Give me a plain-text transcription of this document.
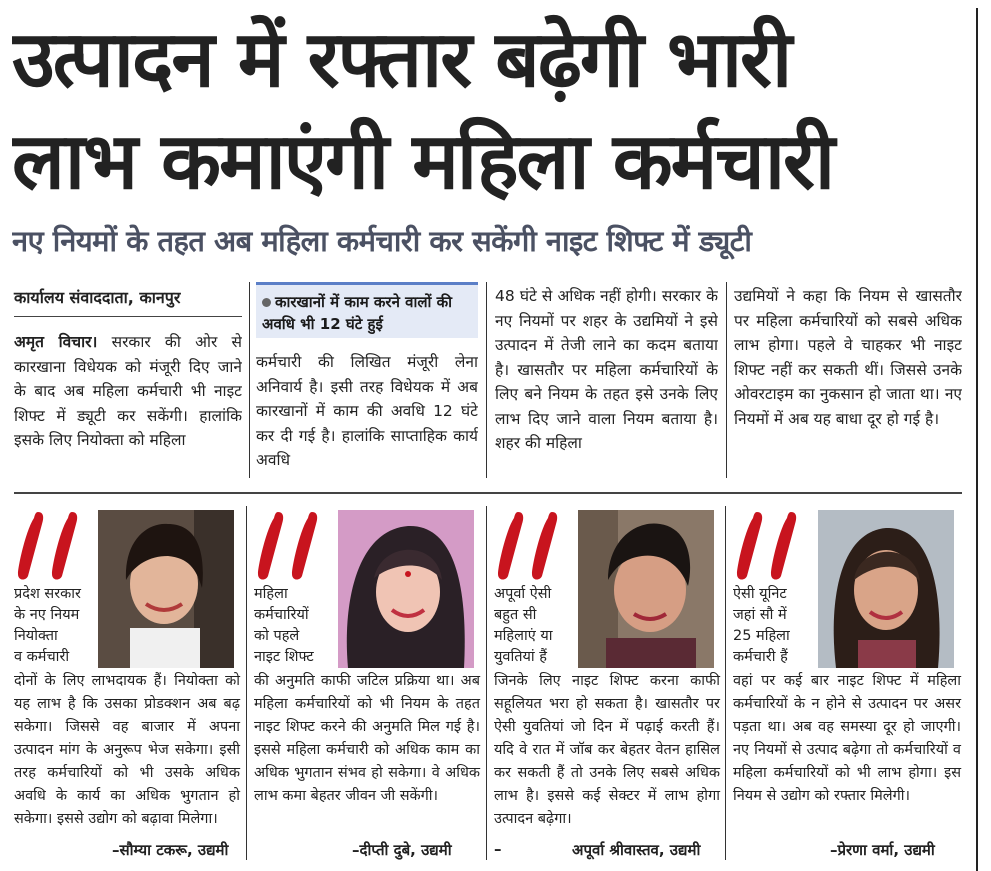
उत्पादन में रफ्तार बढ़ेगी भारी
लाभ कमाएंगी महिला कर्मचारी
नए नियमों के तहत अब महिला कर्मचारी कर सकेंगी नाइट शिफ्ट में ड्यूटी
कार्यालय संवाददाता, कानपुर
अमृत विचार। सरकार की ओर से कारखाना विधेयक को मंजूरी दिए जाने के बाद अब महिला कर्मचारी भी नाइट शिफ्ट में ड्यूटी कर सकेंगी। हालांकि इसके लिए नियोक्ता को महिला
कारखानों में काम करने वालों की अवधि भी 12 घंटे हुई
कर्मचारी की लिखित मंजूरी लेना अनिवार्य है। इसी तरह विधेयक में अब कारखानों में काम की अवधि 12 घंटे कर दी गई है। हालांकि साप्ताहिक कार्य अवधि
48 घंटे से अधिक नहीं होगी। सरकार के नए नियमों पर शहर के उद्यमियों ने इसे उत्पादन में तेजी लाने का कदम बताया है। खासतौर पर महिला कर्मचारियों के लिए बने नियम के तहत इसे उनके लिए लाभ दिए जाने वाला नियम बताया है। शहर की महिला
उद्यमियों ने कहा कि नियम से खासतौर पर महिला कर्मचारियों को सबसे अधिक लाभ होगा। पहले वे चाहकर भी नाइट शिफ्ट नहीं कर सकती थीं। जिससे उनके ओवरटाइम का नुकसान हो जाता था। नए नियमों में अब यह बाधा दूर हो गई है।
प्रदेश सरकार
के नए नियम
नियोक्ता
व कर्मचारी
दोनों के लिए लाभदायक हैं। नियोक्ता को यह लाभ है कि उसका प्रोडक्शन अब बढ़ सकेगा। जिससे वह बाजार में अपना उत्पादन मांग के अनुरूप भेज सकेगा। इसी तरह कर्मचारियों को भी उसके अधिक अवधि के कार्य का अधिक भुगतान हो सकेगा। इससे उद्योग को बढ़ावा मिलेगा।
–सौम्या टकरू, उद्यमी
महिला
कर्मचारियों
को पहले
नाइट शिफ्ट
की अनुमति काफी जटिल प्रक्रिया था। अब महिला कर्मचारियों को भी नियम के तहत नाइट शिफ्ट करने की अनुमति मिल गई है। इससे महिला कर्मचारी को अधिक काम का अधिक भुगतान संभव हो सकेगा। वे अधिक लाभ कमा बेहतर जीवन जी सकेंगी।
–दीप्ती दुबे, उद्यमी
अपूर्वा ऐसी
बहुत सी
महिलाएं या
युवतियां हैं
जिनके लिए नाइट शिफ्ट करना काफी सहूलियत भरा हो सकता है। खासतौर पर ऐसी युवतियां जो दिन में पढ़ाई करती हैं। यदि वे रात में जॉब कर बेहतर वेतन हासिल कर सकती हैं तो उनके लिए सबसे अधिक लाभ है। इससे कई सेक्टर में लाभ होगा उत्पादन बढ़ेगा।
–	अपूर्वा श्रीवास्तव, उद्यमी
ऐसी यूनिट
जहां सौ में
25 महिला
कर्मचारी हैं
वहां पर कई बार नाइट शिफ्ट में महिला कर्मचारियों के न होने से उत्पादन पर असर पड़ता था। अब वह समस्या दूर हो जाएगी। नए नियमों से उत्पाद बढ़ेगा तो कर्मचारियों व महिला कर्मचारियों को भी लाभ होगा। इस नियम से उद्योग को रफ्तार मिलेगी।
–प्रेरणा वर्मा, उद्यमी
